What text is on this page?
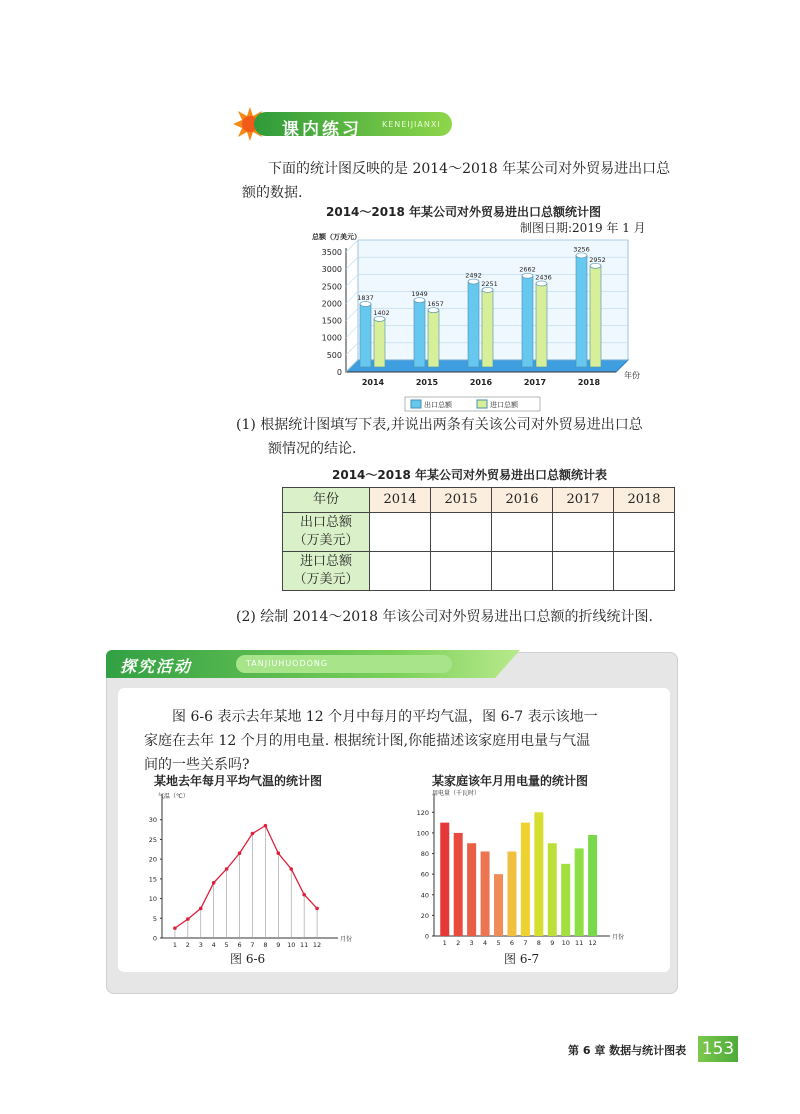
课内练习	KENEIJIANXI
下面的统计图反映的是 2014～2018 年某公司对外贸易进出口总
额的数据.
2014～2018 年某公司对外贸易进出口总额统计图
制图日期:2019 年 1 月
总额（万美元）
年份
0
500
1000
1500
2000
2500
3000
3500
2014
1837
1402
2015
1949
1657
2016
2492
2251
2017
2662
2436
2018
3256
2952
出口总额	进口总额
(1) 根据统计图填写下表,并说出两条有关该公司对外贸易进出口总
额情况的结论.
2014～2018 年某公司对外贸易进出口总额统计表
年份	2014	2015	2016	2017	2018
出口总额
（万美元）					
进口总额
（万美元）					
(2) 绘制 2014～2018 年该公司对外贸易进出口总额的折线统计图.
探究活动	TANJIUHUODONG
图 6-6 表示去年某地 12 个月中每月的平均气温，图 6-7 表示该地一
家庭在去年 12 个月的用电量. 根据统计图,你能描述该家庭用电量与气温
间的一些关系吗?
某地去年每月平均气温的统计图	某家庭该年月用电量的统计图
气温（℃）
月份
0
5
10
15
20
25
30
1 2 3 4 5 6 7 8 9 10 11 12
用电量（千瓦时）
月份
0
20
40
60
80
100
120
1 2 3 4 5 6 7 8 9 10 11 12
图 6-6	图 6-7
第 6 章 数据与统计图表 153
